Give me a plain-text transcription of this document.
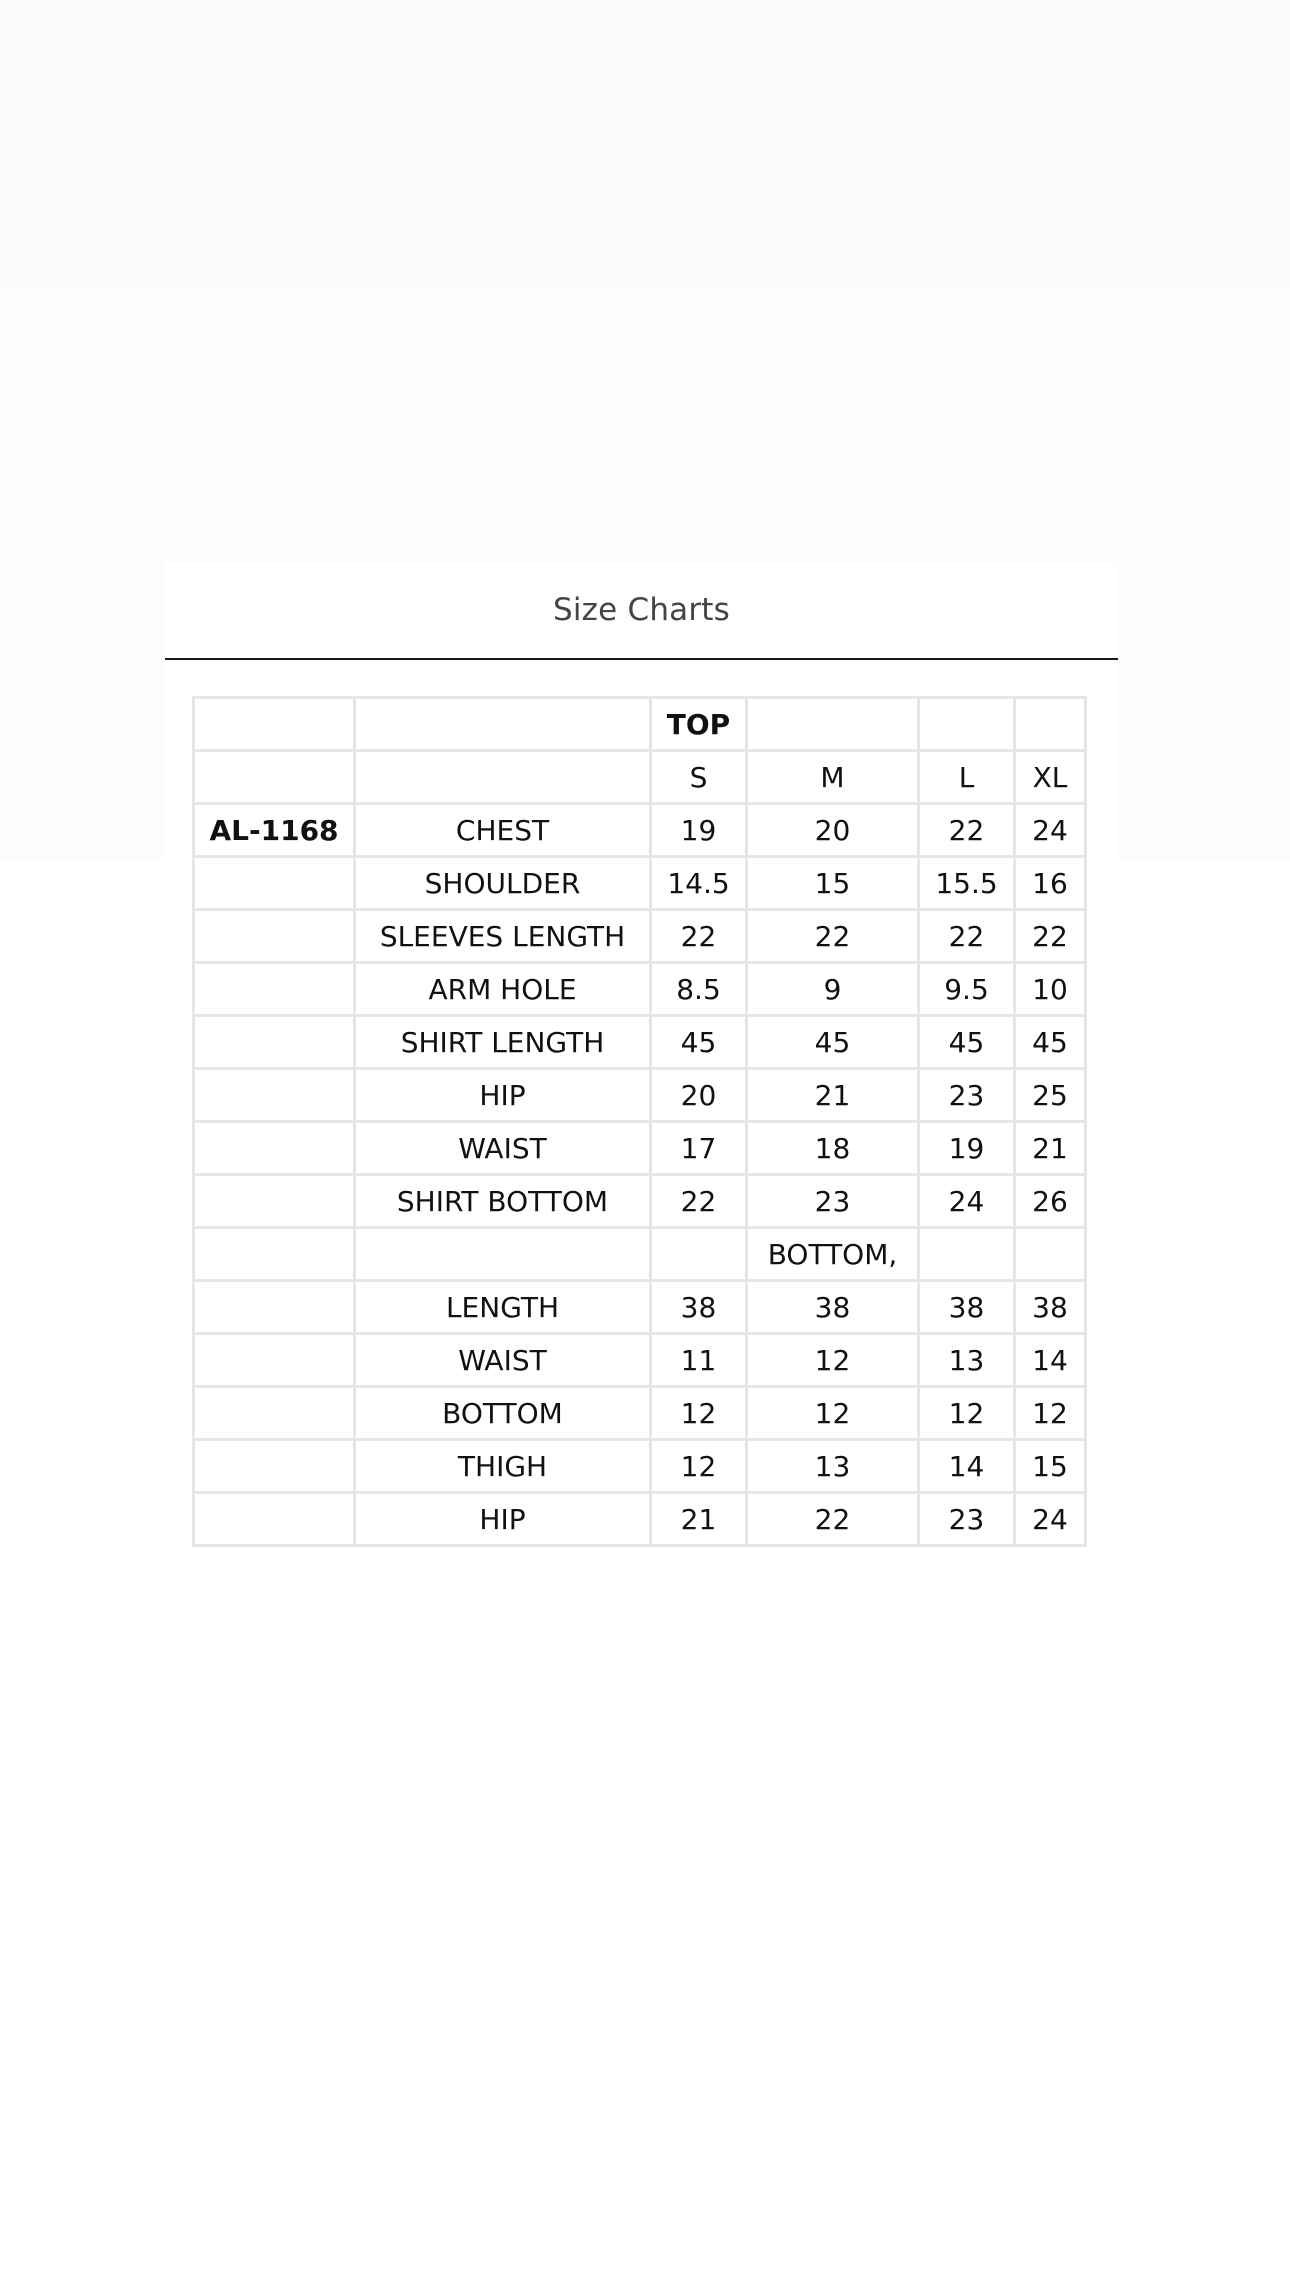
Size Charts
		TOP			
		S	M	L	XL
AL-1168	CHEST	19	20	22	24
	SHOULDER	14.5	15	15.5	16
	SLEEVES LENGTH	22	22	22	22
	ARM HOLE	8.5	9	9.5	10
	SHIRT LENGTH	45	45	45	45
	HIP	20	21	23	25
	WAIST	17	18	19	21
	SHIRT BOTTOM	22	23	24	26
			BOTTOM,		
	LENGTH	38	38	38	38
	WAIST	11	12	13	14
	BOTTOM	12	12	12	12
	THIGH	12	13	14	15
	HIP	21	22	23	24
